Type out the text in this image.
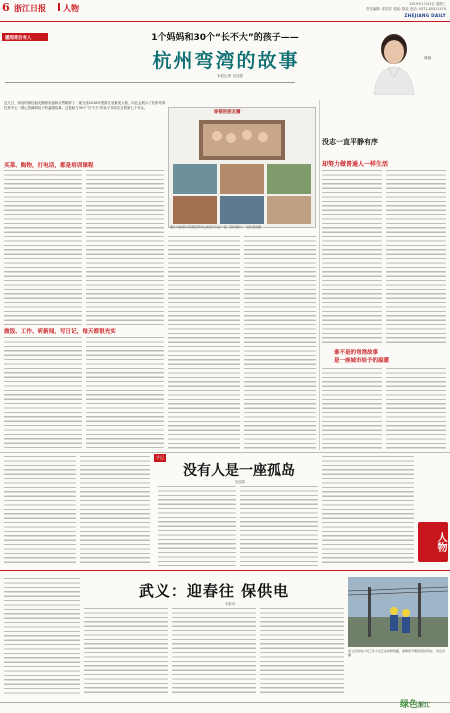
6 浙江日报 人物	2019年1月23日 星期三
责任编辑: 邓国芳 美编: 陈炎 电话: 0571-85311574
ZHEJIANG DAILY
暖闻背后有人	1个妈妈和30个“长不大”的孩子——
杭州弯湾的故事
本报记者 吴佳蔚
徐蓓
这几日，徐蓓的微信朋友圈被祝福和点赞刷屏了：她当选2018年度浙江省最美人物，向社会展示了杭州弯湾托养中心一群心智障碍孩子的温暖故事。这是她与30个“长不大”的孩子共同走过的第七个年头。
买菜、购物，打电话，都是培训课程
做饭、工作、听新闻，写日记，每天都很充实
徐蓓的朋友圈
图片为徐蓓与弯湾托养中心的孩子们在一起（资料图片） 受访者供图
没志一直平静有序
却努力做普通人一样生活
谁不是的弯湾故事
是一座城市给予的温暖
手记
没有人是一座孤岛
吴佳蔚
人物
武义：迎春往 保供电
本报讯
武义县供电公司工作人员正在检修线路，保障春节期间居民用电。 朱启洪 摄
绿色浙江
